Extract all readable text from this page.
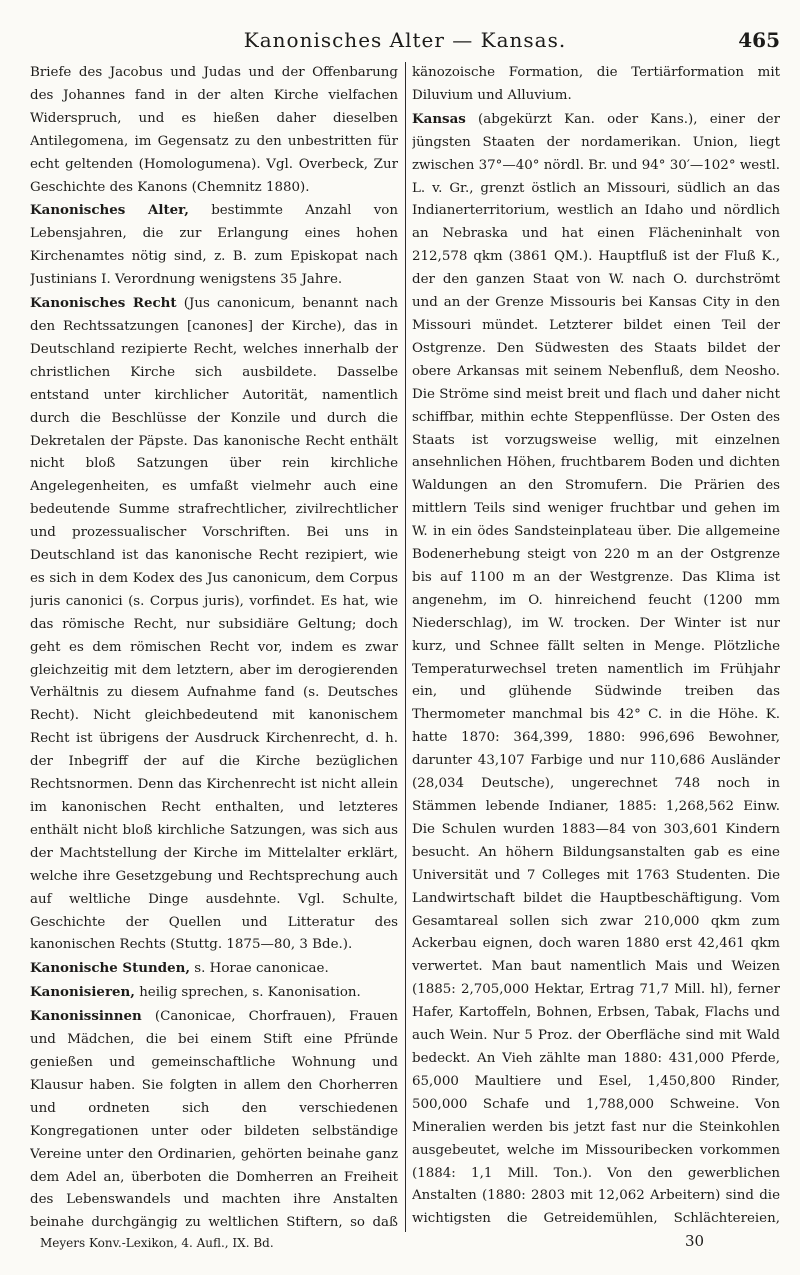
Kanonisches Alter — Kansas.	465

Briefe des Jacobus und Judas und der Offenbarung des Johannes fand in der alten Kirche vielfachen Widerspruch, und es hießen daher dieselben Antilegomena, im Gegensatz zu den unbestritten für echt geltenden (Homologumena). Vgl. Overbeck, Zur Geschichte des Kanons (Chemnitz 1880).

Kanonisches Alter, bestimmte Anzahl von Lebensjahren, die zur Erlangung eines hohen Kirchenamtes nötig sind, z. B. zum Episkopat nach Justinians I. Verordnung wenigstens 35 Jahre.

Kanonisches Recht (Jus canonicum, benannt nach den Rechtssatzungen [canones] der Kirche), das in Deutschland rezipierte Recht, welches innerhalb der christlichen Kirche sich ausbildete. Dasselbe entstand unter kirchlicher Autorität, namentlich durch die Beschlüsse der Konzile und durch die Dekretalen der Päpste. Das kanonische Recht enthält nicht bloß Satzungen über rein kirchliche Angelegenheiten, es umfaßt vielmehr auch eine bedeutende Summe strafrechtlicher, zivilrechtlicher und prozessualischer Vorschriften. Bei uns in Deutschland ist das kanonische Recht rezipiert, wie es sich in dem Kodex des Jus canonicum, dem Corpus juris canonici (s. Corpus juris), vorfindet. Es hat, wie das römische Recht, nur subsidiäre Geltung; doch geht es dem römischen Recht vor, indem es zwar gleichzeitig mit dem letztern, aber im derogierenden Verhältnis zu diesem Aufnahme fand (s. Deutsches Recht). Nicht gleichbedeutend mit kanonischem Recht ist übrigens der Ausdruck Kirchenrecht, d. h. der Inbegriff der auf die Kirche bezüglichen Rechtsnormen. Denn das Kirchenrecht ist nicht allein im kanonischen Recht enthalten, und letzteres enthält nicht bloß kirchliche Satzungen, was sich aus der Machtstellung der Kirche im Mittelalter erklärt, welche ihre Gesetzgebung und Rechtsprechung auch auf weltliche Dinge ausdehnte. Vgl. Schulte, Geschichte der Quellen und Litteratur des kanonischen Rechts (Stuttg. 1875—80, 3 Bde.).

Kanonische Stunden, s. Horae canonicae.

Kanonisieren, heilig sprechen, s. Kanonisation.

Kanonissinnen (Canonicae, Chorfrauen), Frauen und Mädchen, die bei einem Stift eine Pfründe genießen und gemeinschaftliche Wohnung und Klausur haben. Sie folgten in allem den Chorherren und ordneten sich den verschiedenen Kongregationen unter oder bildeten selbständige Vereine unter den Ordinarien, gehörten beinahe ganz dem Adel an, überboten die Domherren an Freiheit des Lebenswandels und machten ihre Anstalten beinahe durchgängig zu weltlichen Stiftern, so daß

känozoische Formation, die Tertiärformation mit Diluvium und Alluvium.

Kansas (abgekürzt Kan. oder Kans.), einer der jüngsten Staaten der nordamerikan. Union, liegt zwischen 37°—40° nördl. Br. und 94° 30′—102° westl. L. v. Gr., grenzt östlich an Missouri, südlich an das Indianerterritorium, westlich an Idaho und nördlich an Nebraska und hat einen Flächeninhalt von 212,578 qkm (3861 QM.). Hauptfluß ist der Fluß K., der den ganzen Staat von W. nach O. durchströmt und an der Grenze Missouris bei Kansas City in den Missouri mündet. Letzterer bildet einen Teil der Ostgrenze. Den Südwesten des Staats bildet der obere Arkansas mit seinem Nebenfluß, dem Neosho. Die Ströme sind meist breit und flach und daher nicht schiffbar, mithin echte Steppenflüsse. Der Osten des Staats ist vorzugsweise wellig, mit einzelnen ansehnlichen Höhen, fruchtbarem Boden und dichten Waldungen an den Stromufern. Die Prärien des mittlern Teils sind weniger fruchtbar und gehen im W. in ein ödes Sandsteinplateau über. Die allgemeine Bodenerhebung steigt von 220 m an der Ostgrenze bis auf 1100 m an der Westgrenze. Das Klima ist angenehm, im O. hinreichend feucht (1200 mm Niederschlag), im W. trocken. Der Winter ist nur kurz, und Schnee fällt selten in Menge. Plötzliche Temperaturwechsel treten namentlich im Frühjahr ein, und glühende Südwinde treiben das Thermometer manchmal bis 42° C. in die Höhe. K. hatte 1870: 364,399, 1880: 996,696 Bewohner, darunter 43,107 Farbige und nur 110,686 Ausländer (28,034 Deutsche), ungerechnet 748 noch in Stämmen lebende Indianer, 1885: 1,268,562 Einw. Die Schulen wurden 1883—84 von 303,601 Kindern besucht. An höhern Bildungsanstalten gab es eine Universität und 7 Colleges mit 1763 Studenten. Die Landwirtschaft bildet die Hauptbeschäftigung. Vom Gesamtareal sollen sich zwar 210,000 qkm zum Ackerbau eignen, doch waren 1880 erst 42,461 qkm verwertet. Man baut namentlich Mais und Weizen (1885: 2,705,000 Hektar, Ertrag 71,7 Mill. hl), ferner Hafer, Kartoffeln, Bohnen, Erbsen, Tabak, Flachs und auch Wein. Nur 5 Proz. der Oberfläche sind mit Wald bedeckt. An Vieh zählte man 1880: 431,000 Pferde, 65,000 Maultiere und Esel, 1,450,800 Rinder, 500,000 Schafe und 1,788,000 Schweine. Von Mineralien werden bis jetzt fast nur die Steinkohlen ausgebeutet, welche im Missouribecken vorkommen (1884: 1,1 Mill. Ton.). Von den gewerblichen Anstalten (1880: 2803 mit 12,062 Arbeitern) sind die wichtigsten die Getreidemühlen, Schlächtereien,

Meyers Konv.-Lexikon, 4. Aufl., IX. Bd.	30
